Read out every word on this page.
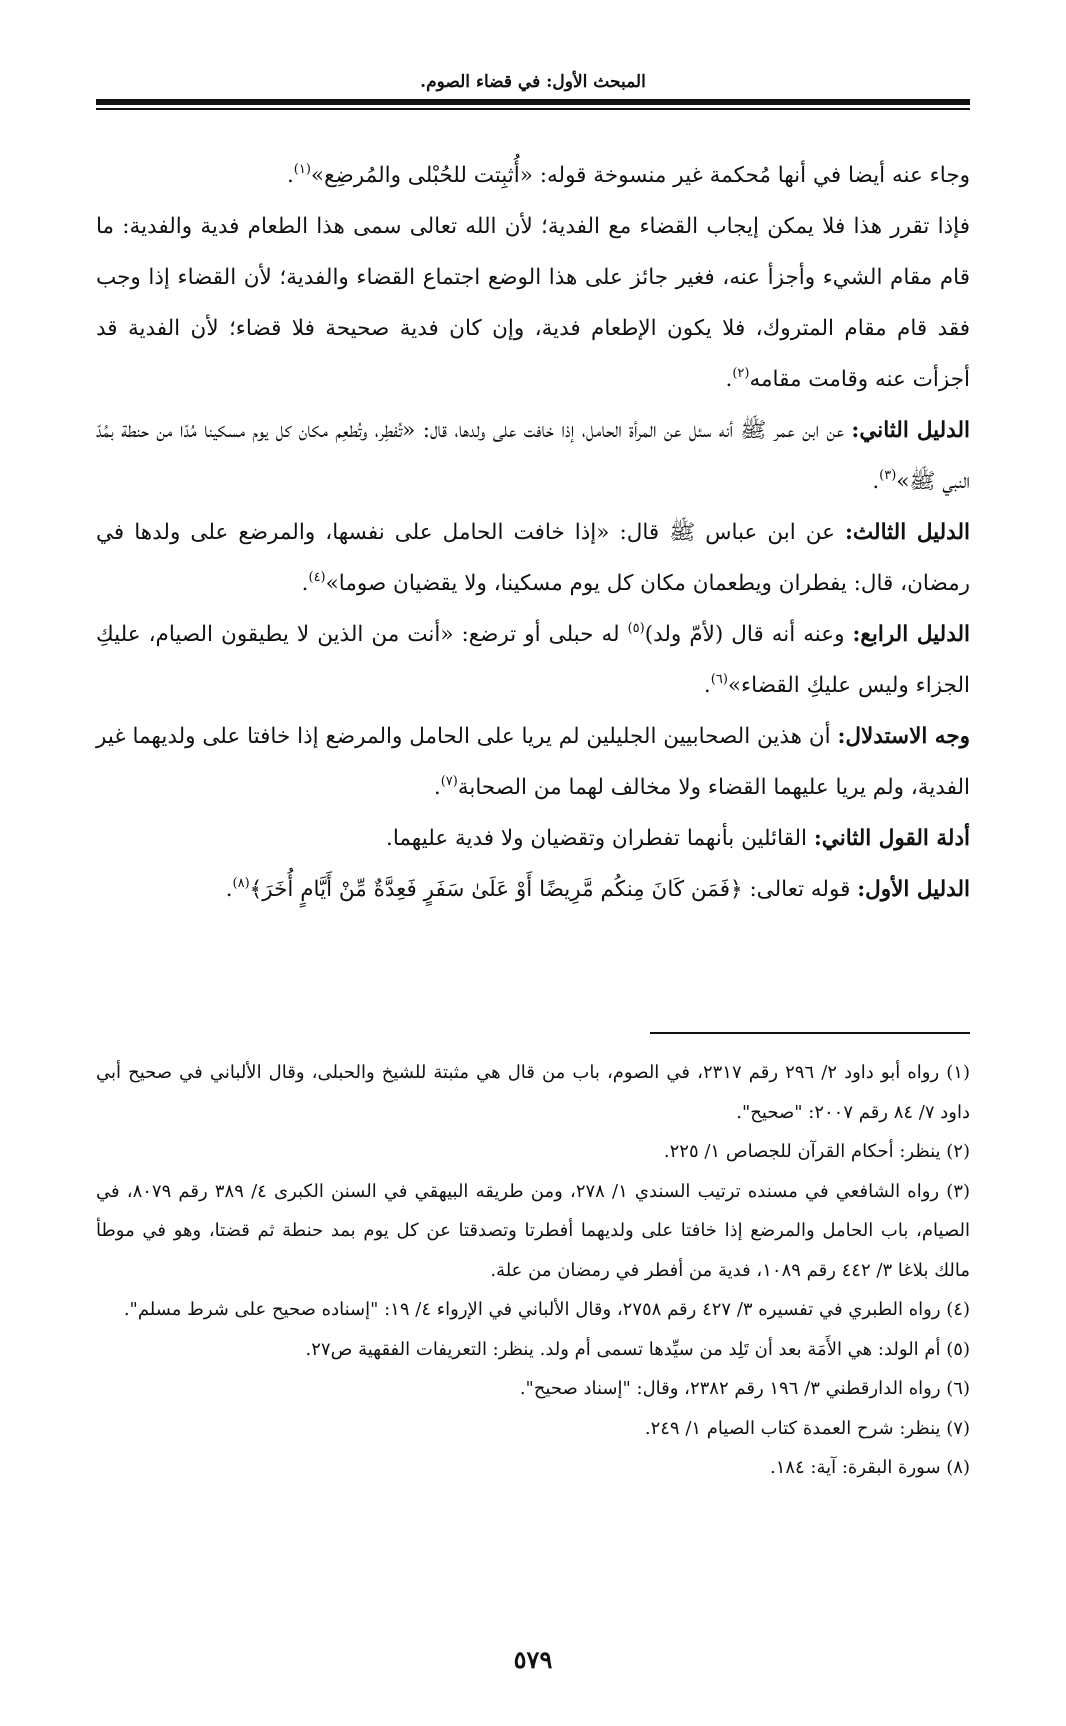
المبحث الأول: في قضاء الصوم.

وجاء عنه أيضا في أنها مُحكمة غير منسوخة قوله: «أُثبِتت للحُبْلى والمُرضِع»$^{(١)}$.

فإذا تقرر هذا فلا يمكن إيجاب القضاء مع الفدية؛ لأن الله تعالى سمى هذا الطعام فدية والفدية: ما قام مقام الشيء وأجزأ عنه، فغير جائز على هذا الوضع اجتماع القضاء والفدية؛ لأن القضاء إذا وجب فقد قام مقام المتروك، فلا يكون الإطعام فدية، وإن كان فدية صحيحة فلا قضاء؛ لأن الفدية قد أجزأت عنه وقامت مقامه$^{(٢)}$.

الدليل الثاني: عن ابن عمر ﷺ أنه سئل عن المرأة الحامل، إذا خافت على ولدها، قال: «تُفطِر، وتُطعِم مكان كل يوم مسكينا مُدّا من حنطة بمُدّ النبي ﷺ»$^{(٣)}$.

الدليل الثالث: عن ابن عباس ﷺ قال: «إذا خافت الحامل على نفسها، والمرضع على ولدها في رمضان، قال: يفطران ويطعمان مكان كل يوم مسكينا، ولا يقضيان صوما»$^{(٤)}$.

الدليل الرابع: وعنه أنه قال (لأمّ ولد)$^{(٥)}$ له حبلى أو ترضع: «أنت من الذين لا يطيقون الصيام، عليكِ الجزاء وليس عليكِ القضاء»$^{(٦)}$.

وجه الاستدلال: أن هذين الصحابيين الجليلين لم يريا على الحامل والمرضع إذا خافتا على ولديهما غير الفدية، ولم يريا عليهما القضاء ولا مخالف لهما من الصحابة$^{(٧)}$.

أدلة القول الثاني: القائلين بأنهما تفطران وتقضيان ولا فدية عليهما.

الدليل الأول: قوله تعالى: ﴿فَمَن كَانَ مِنكُم مَّرِيضًا أَوْ عَلَىٰ سَفَرٍ فَعِدَّةٌ مِّنْ أَيَّامٍ أُخَرَ﴾$^{(٨)}$.

(١) رواه أبو داود ٢/ ٢٩٦ رقم ٢٣١٧، في الصوم، باب من قال هي مثبتة للشيخ والحبلى، وقال الألباني في صحيح أبي داود ٧/ ٨٤ رقم ٢٠٠٧: "صحيح".

(٢) ينظر: أحكام القرآن للجصاص ١/ ٢٢٥.

(٣) رواه الشافعي في مسنده ترتيب السندي ١/ ٢٧٨، ومن طريقه البيهقي في السنن الكبرى ٤/ ٣٨٩ رقم ٨٠٧٩، في الصيام، باب الحامل والمرضع إذا خافتا على ولديهما أفطرتا وتصدقتا عن كل يوم بمد حنطة ثم قضتا، وهو في موطأ مالك بلاغا ٣/ ٤٤٢ رقم ١٠٨٩، فدية من أفطر في رمضان من علة.

(٤) رواه الطبري في تفسيره ٣/ ٤٢٧ رقم ٢٧٥٨، وقال الألباني في الإرواء ٤/ ١٩: "إسناده صحيح على شرط مسلم".

(٥) أم الولد: هي الأَمَة بعد أن تَلِد من سيِّدها تسمى أم ولد. ينظر: التعريفات الفقهية ص٢٧.

(٦) رواه الدارقطني ٣/ ١٩٦ رقم ٢٣٨٢، وقال: "إسناد صحيح".

(٧) ينظر: شرح العمدة كتاب الصيام ١/ ٢٤٩.

(٨) سورة البقرة: آية: ١٨٤.

٥٧٩
